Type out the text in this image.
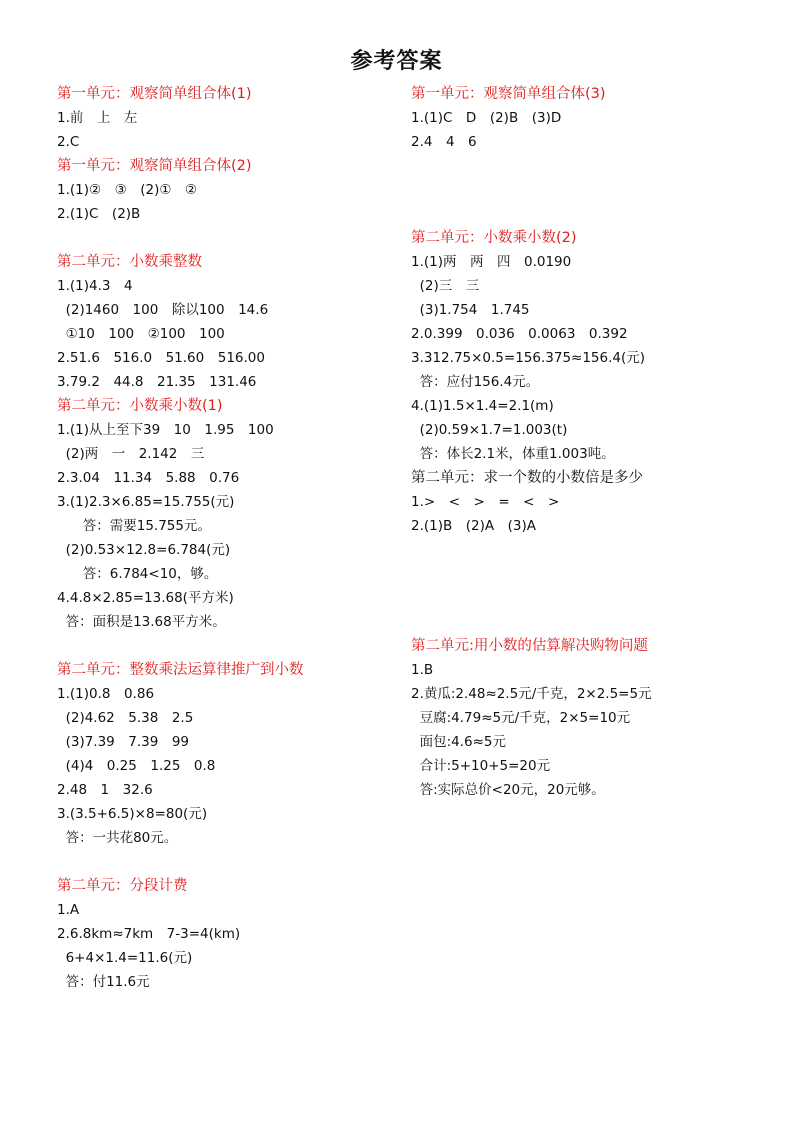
参考答案
第一单元：观察简单组合体(1)
1.前　上　左
2.C
第一单元：观察简单组合体(2)
1.(1)②　③　(2)①　②
2.(1)C　(2)B
第二单元：小数乘整数
1.(1)4.3　4
(2)1460　100　除以100　14.6
①10　100　②100　100
2.51.6　516.0　51.60　516.00
3.79.2　44.8　21.35　131.46
第二单元：小数乘小数(1)
1.(1)从上至下39　10　1.95　100
(2)两　一　2.142　三
2.3.04　11.34　5.88　0.76
3.(1)2.3×6.85=15.755(元)
答：需要15.755元。
(2)0.53×12.8=6.784(元)
答：6.784<10，够。
4.4.8×2.85=13.68(平方米)
答：面积是13.68平方米。
第二单元：整数乘法运算律推广到小数
1.(1)0.8　0.86
(2)4.62　5.38　2.5
(3)7.39　7.39　99
(4)4　0.25　1.25　0.8
2.48　1　32.6
3.(3.5+6.5)×8=80(元)
答：一共花80元。
第二单元：分段计费
1.A
2.6.8km≈7km　7-3=4(km)
6+4×1.4=11.6(元)
答：付11.6元
第一单元：观察简单组合体(3)
1.(1)C　D　(2)B　(3)D
2.4　4　6
第二单元：小数乘小数(2)
1.(1)两　两　四　0.0190
(2)三　三
(3)1.754　1.745
2.0.399　0.036　0.0063　0.392
3.312.75×0.5=156.375≈156.4(元)
答：应付156.4元。
4.(1)1.5×1.4=2.1(m)
(2)0.59×1.7=1.003(t)
答：体长2.1米，体重1.003吨。
第二单元：求一个数的小数倍是多少
1.>　<　>　=　<　>
2.(1)B　(2)A　(3)A
第二单元:用小数的估算解决购物问题
1.B
2.黄瓜:2.48≈2.5元/千克，2×2.5=5元
豆腐:4.79≈5元/千克，2×5=10元
面包:4.6≈5元
合计:5+10+5=20元
答:实际总价<20元，20元够。
